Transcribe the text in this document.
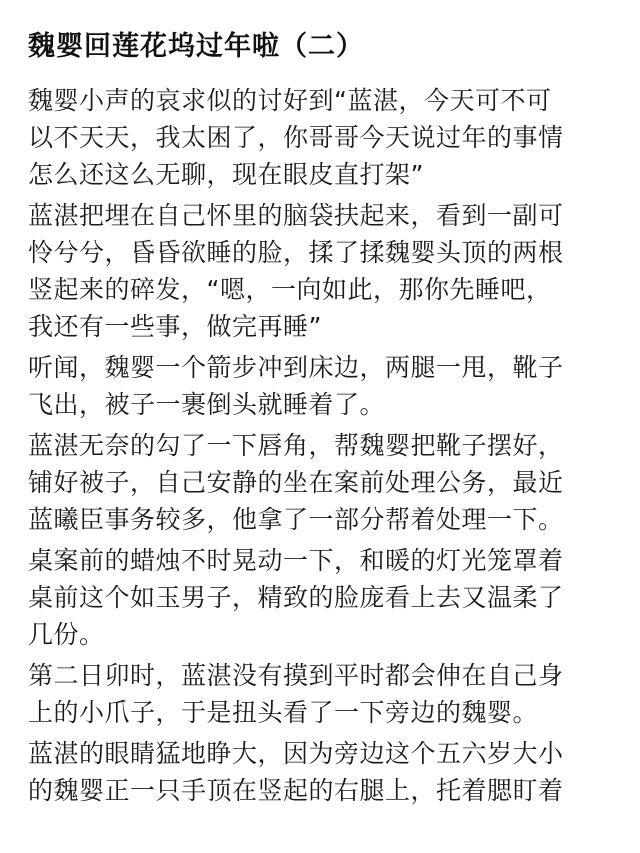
魏婴回莲花坞过年啦（二）

魏婴小声的哀求似的讨好到“蓝湛，今天可不可
以不天天，我太困了，你哥哥今天说过年的事情
怎么还这么无聊，现在眼皮直打架”

蓝湛把埋在自己怀里的脑袋扶起来，看到一副可
怜兮兮，昏昏欲睡的脸，揉了揉魏婴头顶的两根
竖起来的碎发，“嗯，一向如此，那你先睡吧，
我还有一些事，做完再睡”

听闻，魏婴一个箭步冲到床边，两腿一甩，靴子
飞出，被子一裹倒头就睡着了。

蓝湛无奈的勾了一下唇角，帮魏婴把靴子摆好，
铺好被子，自己安静的坐在案前处理公务，最近
蓝曦臣事务较多，他拿了一部分帮着处理一下。

桌案前的蜡烛不时晃动一下，和暖的灯光笼罩着
桌前这个如玉男子，精致的脸庞看上去又温柔了
几份。

第二日卯时，蓝湛没有摸到平时都会伸在自己身
上的小爪子，于是扭头看了一下旁边的魏婴。

蓝湛的眼睛猛地睁大，因为旁边这个五六岁大小
的魏婴正一只手顶在竖起的右腿上，托着腮盯着
